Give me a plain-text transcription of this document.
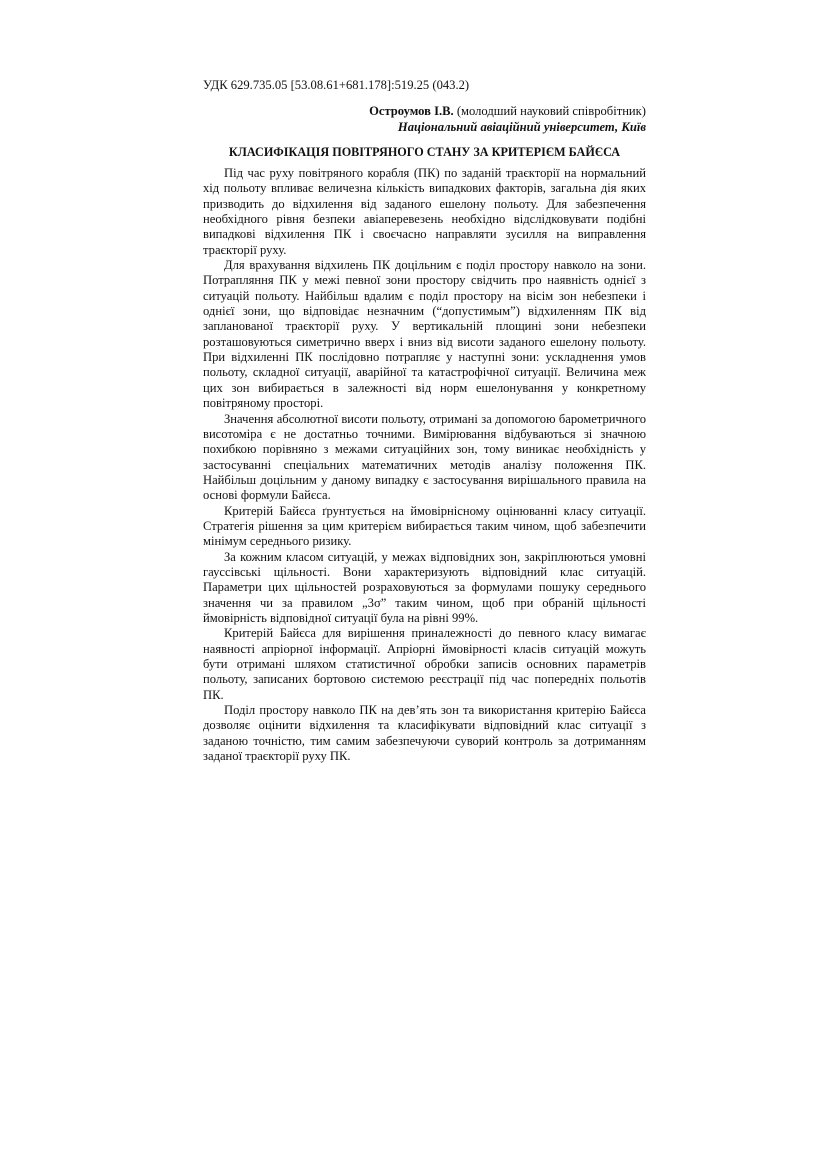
УДК 629.735.05 [53.08.61+681.178]:519.25 (043.2)
Остроумов І.В. (молодший науковий співробітник)
Національний авіаційний університет, Київ
КЛАСИФІКАЦІЯ ПОВІТРЯНОГО СТАНУ ЗА КРИТЕРІЄМ БАЙЄСА

Під час руху повітряного корабля (ПК) по заданій траєкторії на нормальний хід польоту впливає величезна кількість випадкових факторів, загальна дія яких призводить до відхилення від заданого ешелону польоту. Для забезпечення необхідного рівня безпеки авіаперевезень необхідно відслідковувати подібні випадкові відхилення ПК і своєчасно направляти зусилля на виправлення траєкторії руху.

Для врахування відхилень ПК доцільним є поділ простору навколо на зони. Потрапляння ПК у межі певної зони простору свідчить про наявність однієї з ситуацій польоту. Найбільш вдалим є поділ простору на вісім зон небезпеки і однієї зони, що відповідає незначним (“допустимым”) відхиленням ПК від запланованої траєкторії руху. У вертикальній площині зони небезпеки розташовуються симетрично вверх і вниз від висоти заданого ешелону польоту. При відхиленні ПК послідовно потрапляє у наступні зони: ускладнення умов польоту, складної ситуації, аварійної та катастрофічної ситуації. Величина меж цих зон вибирається в залежності від норм ешелонування у конкретному повітряному просторі.

Значення абсолютної висоти польоту, отримані за допомогою барометричного висотоміра є не достатньо точними. Вимірювання відбуваються зі значною похибкою порівняно з межами ситуаційних зон, тому виникає необхідність у застосуванні спеціальних математичних методів аналізу положення ПК. Найбільш доцільним у даному випадку є застосування вирішального правила на основі формули Байєса.

Критерій Байєса ґрунтується на ймовірнісному оцінюванні класу ситуації. Стратегія рішення за цим критерієм вибирається таким чином, щоб забезпечити мінімум середнього ризику.

За кожним класом ситуацій, у межах відповідних зон, закріплюються умовні гауссівські щільності. Вони характеризують відповідний клас ситуацій. Параметри цих щільностей розраховуються за формулами пошуку середнього значення чи за правилом „3σ” таким чином, щоб при обраній щільності ймовірність відповідної ситуації була на рівні 99%.

Критерій Байєса для вирішення приналежності до певного класу вимагає наявності апріорної інформації. Апріорні ймовірності класів ситуацій можуть бути отримані шляхом статистичної обробки записів основних параметрів польоту, записаних бортовою системою реєстрації під час попередніх польотів ПК.

Поділ простору навколо ПК на дев’ять зон та використання критерію Байєса дозволяє оцінити відхилення та класифікувати відповідний клас ситуації з заданою точністю, тим самим забезпечуючи суворий контроль за дотриманням заданої траєкторії руху ПК.
